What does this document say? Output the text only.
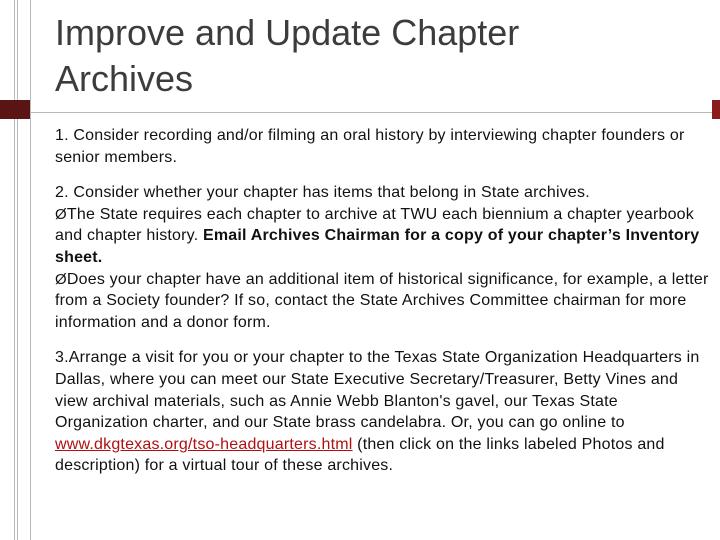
Improve and Update Chapter
Archives

1. Consider recording and/or filming an oral history by interviewing chapter founders or senior members.

2. Consider whether your chapter has items that belong in State archives.

ØThe State requires each chapter to archive at TWU each biennium a chapter yearbook and chapter history. Email Archives Chairman for a copy of your chapter’s Inventory sheet.

ØDoes your chapter have an additional item of historical significance, for example, a letter from a Society founder? If so, contact the State Archives Committee chairman for more information and a donor form.

3.Arrange a visit for you or your chapter to the Texas State Organization Headquarters in Dallas, where you can meet our State Executive Secretary/Treasurer, Betty Vines and view archival materials, such as Annie Webb Blanton's gavel, our Texas State Organization charter, and our State brass candelabra. Or, you can go online to www.dkgtexas.org/tso-headquarters.html (then click on the links labeled Photos and description) for a virtual tour of these archives.
